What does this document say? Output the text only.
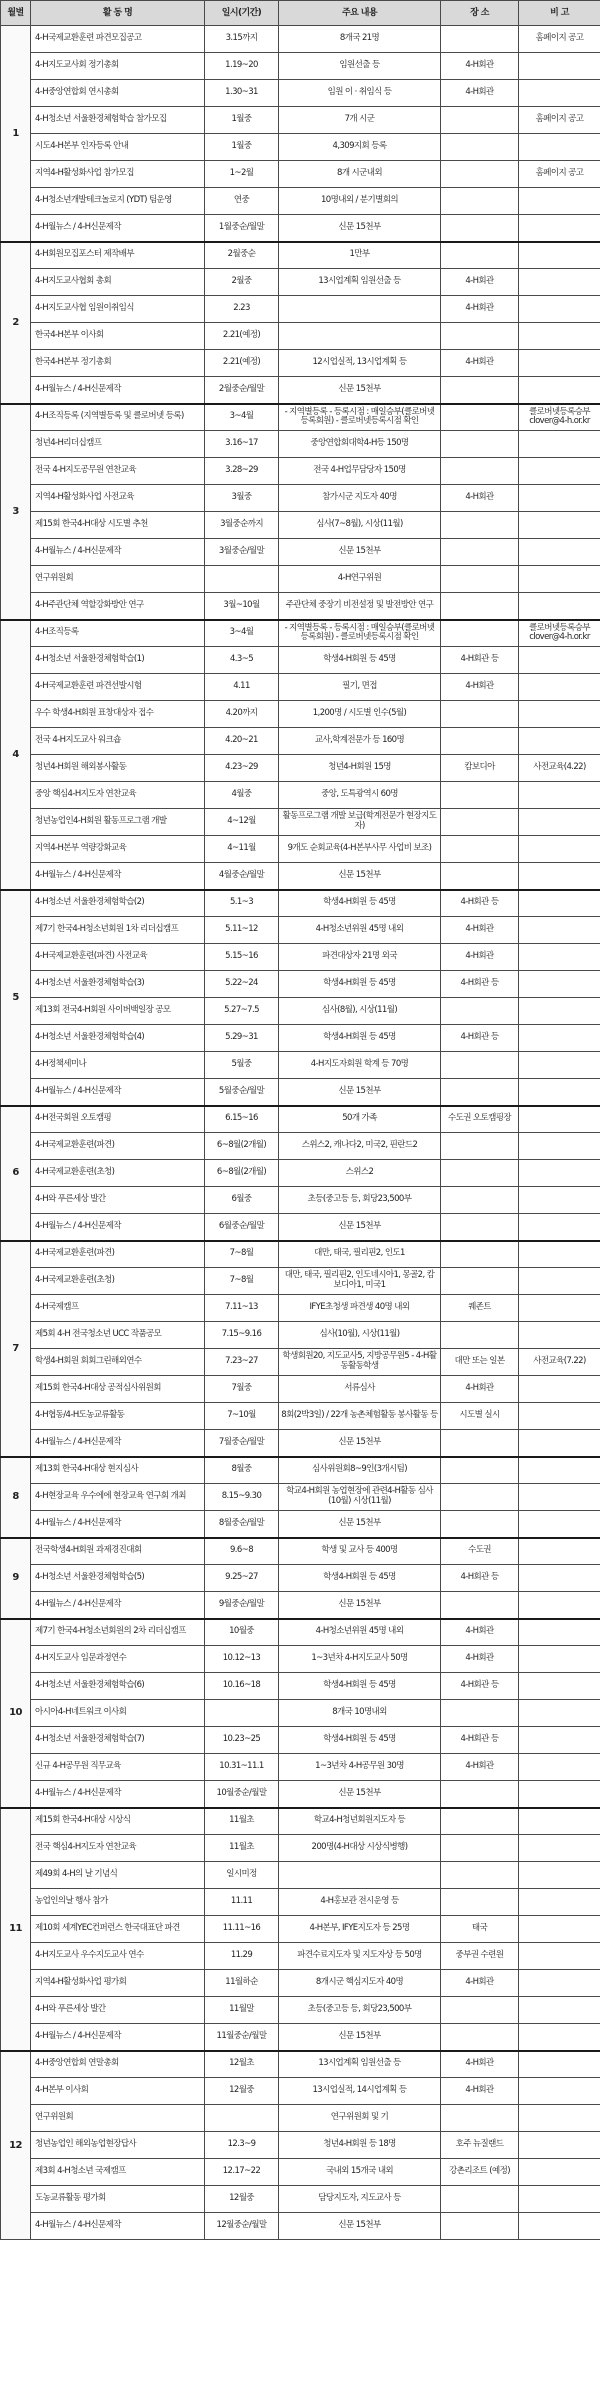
월별	활 동 명	일시(기간)	주요 내용	장 소	비 고
1	4-H국제교환훈련 파견모집공고	3.15까지	8개국 21명		홈페이지 공고
	4-H지도교사회 정기총회	1.19~20	임원선출 등	4-H회관	
	4-H중앙연합회 연시총회	1.30~31	임원 이 · 취임식 등	4-H회관	
	4-H청소년 서울환경체험학습 참가모집	1월중	7개 시군		홈페이지 공고
	시도4-H본부 인자등록 안내	1월중	4,309지회 등록		
	지역4-H활성화사업 참가모집	1~2월	8개 시군내외		홈페이지 공고
	4-H청소년개발테크놀로지 (YDT) 팀운영	연중	10명내외 / 분기별회의		
	4-H월뉴스 / 4-H신문제작	1월중순/월말	신문 15천부		
2	4-H회원모집포스터 제작배부	2월중순	1만부		
	4-H지도교사협회 총회	2월중	13시업계획 임원선출 등	4-H회관	
	4-H지도교사협 임원이취임식	2.23		4-H회관	
	한국4-H본부 이사회	2.21(예정)			
	한국4-H본부 정기총회	2.21(예정)	12시업실적, 13시업계획 등	4-H회관	
	4-H월뉴스 / 4-H신문제작	2월중순/월말	신문 15천부		
3	4-H조직등록 (지역별등록 및 클로버넷 등록)	3~4월	- 지역별등록 - 등록시점 : 매일승부(클로버넷등록회원) - 클로버넷등록시점 확인		클로버넷등록승부 clover@4-h.or.kr
	청년4-H리더십캠프	3.16~17	중앙연합회대학4-H등 150명		
	전국 4-H지도공무원 연찬교육	3.28~29	전국 4-H업무담당자 150명		
	지역4-H활성화사업 사전교육	3월중	참가시군 지도자 40명	4-H회관	
	제15회 한국4-H대상 시도별 추천	3월중순까지	심사(7~8월), 시상(11월)		
	4-H월뉴스 / 4-H신문제작	3월중순/월말	신문 15천부		
	연구위원회		4-H연구위원		
	4-H주관단체 역할강화방안 연구	3월~10월	주관단체 중장기 비전설정 및 발전방안 연구		
4	4-H조직등록	3~4월	- 지역별등록 - 등록시점 : 매일승부(클로버넷등록회원) - 클로버넷등록시점 확인		클로버넷등록승부 clover@4-h.or.kr
	4-H청소년 서울환경체험학습(1)	4.3~5	학생4-H회원 등 45명	4-H회관 등	
	4-H국제교환훈련 파견선발시험	4.11	필기, 면접	4-H회관	
	우수 학생4-H회원 표창대상자 접수	4.20까지	1,200명 / 시도별 인수(5월)		
	전국 4-H지도교사 워크숍	4.20~21	교사,학계전문가 등 160명		
	청년4-H회원 해외봉사활동	4.23~29	청년4-H회원 15명	캄보디아	사전교육(4.22)
	중앙 핵심4-H지도자 연찬교육	4월중	중앙, 도특광역시 60명		
	청년농업인4-H회원 활동프로그램 개발	4~12월	활동프로그램 개발 보급(학계전문가 현장지도자)		
	지역4-H본부 역량강화교육	4~11월	9개도 순회교육(4-H본부사무 사업비 보조)		
	4-H월뉴스 / 4-H신문제작	4월중순/월말	신문 15천부		
5	4-H청소년 서울환경체험학습(2)	5.1~3	학생4-H회원 등 45명	4-H회관 등	
	제7기 한국4-H청소년회원 1차 리더십캠프	5.11~12	4-H청소년위원 45명 내외	4-H회관	
	4-H국제교환훈련(파견) 사전교육	5.15~16	파견대상자 21명 외국	4-H회관	
	4-H청소년 서울환경체험학습(3)	5.22~24	학생4-H회원 등 45명	4-H회관 등	
	제13회 전국4-H회원 사이버백일장 공모	5.27~7.5	심사(8월), 시상(11월)		
	4-H청소년 서울환경체험학습(4)	5.29~31	학생4-H회원 등 45명	4-H회관 등	
	4-H정책세미나	5월중	4-H지도자회원 학계 등 70명		
	4-H월뉴스 / 4-H신문제작	5월중순/월말	신문 15천부		
6	4-H전국회원 오토캠핑	6.15~16	50개 가족	수도권 오토캠핑장	
	4-H국제교환훈련(파견)	6~8월(2개월)	스위스2, 캐나다2, 미국2, 핀란드2		
	4-H국제교환훈련(초청)	6~8월(2개월)	스위스2		
	4-H와 푸른세상 발간	6월중	초등(중고등 등, 회당23,500부		
	4-H월뉴스 / 4-H신문제작	6월중순/월말	신문 15천부		
7	4-H국제교환훈련(파견)	7~8월	대만, 태국, 필리핀2, 인도1		
	4-H국제교환훈련(초청)	7~8월	대만, 태국, 필리핀2, 인도네시아1, 몽골2, 캄보디아1, 미국1		
	4-H국제캠프	7.11~13	IFYE초청생 파견생 40명 내외	퀘존트	
	제5회 4-H 전국청소년 UCC 작품공모	7.15~9.16	심사(10월), 시상(11월)		
	학생4-H회원 회회그린해외연수	7.23~27	학생회원20, 지도교사5, 지방공무원5 - 4-H활동활동학생	대만 또는 일본	사전교육(7.22)
	제15회 한국4-H대상 공적심사위원회	7월중	서류심사	4-H회관	
	4-H협동/4-H도농교류활동	7~10월	8회(2박3일) / 22개 농촌체험활동 봉사활동 등	시도별 실시	
	4-H월뉴스 / 4-H신문제작	7월중순/월말	신문 15천부		
8	제13회 한국4-H대상 현지심사	8월중	심사위원회8~9인(3개시팀)		
	4-H현장교육 우수에에 현장교육 연구회 개최	8.15~9.30	학교4-H회원 농업현장에 관련4-H활동 심사(10월) 시상(11월)		
	4-H월뉴스 / 4-H신문제작	8월중순/월말	신문 15천부		
9	전국학생4-H회원 과제경진대회	9.6~8	학생 및 교사 등 400명	수도권	
	4-H청소년 서울환경체험학습(5)	9.25~27	학생4-H회원 등 45명	4-H회관 등	
	4-H월뉴스 / 4-H신문제작	9월중순/월말	신문 15천부		
10	제7기 한국4-H청소년회원의 2차 리더십캠프	10월중	4-H청소년위원 45명 내외	4-H회관	
	4-H지도교사 임문과정연수	10.12~13	1~3년차 4-H지도교사 50명	4-H회관	
	4-H청소년 서울환경체험학습(6)	10.16~18	학생4-H회원 등 45명	4-H회관 등	
	아시아4-H네트워크 이사회		8개국 10명내외		
	4-H청소년 서울환경체험학습(7)	10.23~25	학생4-H회원 등 45명	4-H회관 등	
	신규 4-H공무원 직무교육	10.31~11.1	1~3년차 4-H공무원 30명	4-H회관	
	4-H월뉴스 / 4-H신문제작	10월중순/월말	신문 15천부		
11	제15회 한국4-H대상 시상식	11월초	학교4-H청년회원지도자 등		
	전국 핵심4-H지도자 연찬교육	11월초	200명(4-H대상 시상식병행)		
	제49회 4-H의 날 기념식	일시미정			
	농업인의날 행사 참가	11.11	4-H홍보관 전시운영 등		
	제10회 세계YEC컨퍼런스 한국대표단 파견	11.11~16	4-H본부, IFYE지도자 등 25명	태국	
	4-H지도교사 우수지도교사 연수	11.29	파견수료지도자 및 지도자상 등 50명	중부권 수련원	
	지역4-H활성화사업 평가회	11월하순	8개시군 핵심지도자 40명	4-H회관	
	4-H와 푸른세상 발간	11월말	초등(중고등 등, 회당23,500부		
	4-H월뉴스 / 4-H신문제작	11월중순/월말	신문 15천부		
12	4-H중앙연합회 연말총회	12월초	13시업계획 임원선출 등	4-H회관	
	4-H본부 이사회	12월중	13시업실적, 14시업계획 등	4-H회관	
	연구위원회		연구위원회 및 기		
	청년농업인 해외농업현장답사	12.3~9	청년4-H회원 등 18명	호주 뉴질랜드	
	제3회 4-H청소년 국제캠프	12.17~22	국내외 15개국 내외	강촌리조트 (예정)	
	도농교류활동 평가회	12월중	담당지도자, 지도교사 등		
	4-H월뉴스 / 4-H신문제작	12월중순/월말	신문 15천부		
